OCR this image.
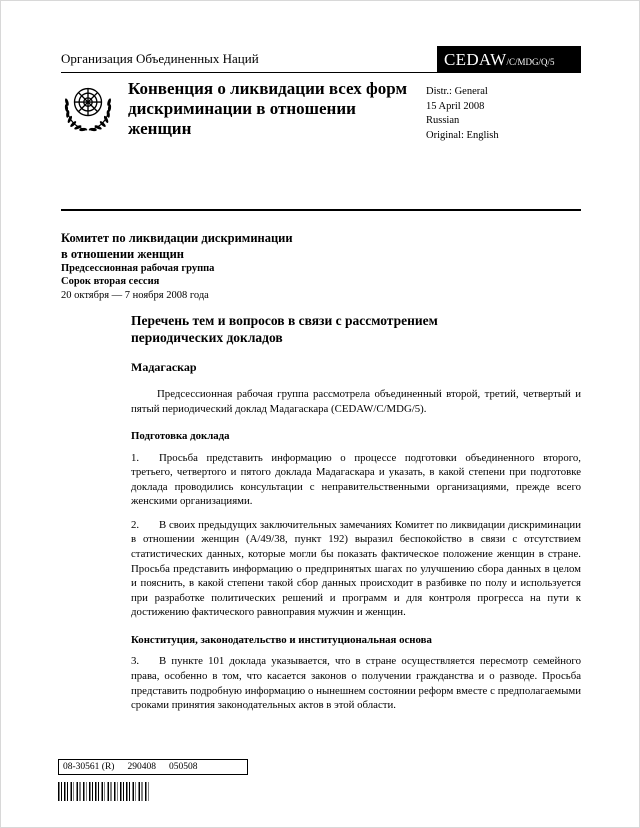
Организация Объединенных Наций	CEDAW /C/MDG/Q/5
Конвенция о ликвидации всех форм дискриминации в отношении женщин
Distr.: General
15 April 2008
Russian
Original: English
Комитет по ликвидации дискриминации
в отношении женщин
Предсессионная рабочая группа
Сорок вторая сессия
20 октября — 7 ноября 2008 года
Перечень тем и вопросов в связи с рассмотрением периодических докладов
Мадагаскар

Предсессионная рабочая группа рассмотрела объединенный второй, третий, четвертый и пятый периодический доклад Мадагаскара (CEDAW/C/MDG/5).

Подготовка доклада

1. Просьба представить информацию о процессе подготовки объединенного второго, третьего, четвертого и пятого доклада Мадагаскара и указать, в какой степени при подготовке доклада проводились консультации с неправительственными организациями, прежде всего женскими организациями.

2. В своих предыдущих заключительных замечаниях Комитет по ликвидации дискриминации в отношении женщин (A/49/38, пункт 192) выразил беспокойство в связи с отсутствием статистических данных, которые могли бы показать фактическое положение женщин в стране. Просьба представить информацию о предпринятых шагах по улучшению сбора данных в целом и пояснить, в какой степени такой сбор данных происходит в разбивке по полу и используется при разработке политических решений и программ и для контроля прогресса на пути к достижению фактического равноправия мужчин и женщин.

Конституция, законодательство и институциональная основа

3. В пункте 101 доклада указывается, что в стране осуществляется пересмотр семейного права, особенно в том, что касается законов о получении гражданства и о разводе. Просьба представить подробную информацию о нынешнем состоянии реформ вместе с предполагаемыми сроками принятия законодательных актов в этой области.

08-30561 (R) 290408 050508
